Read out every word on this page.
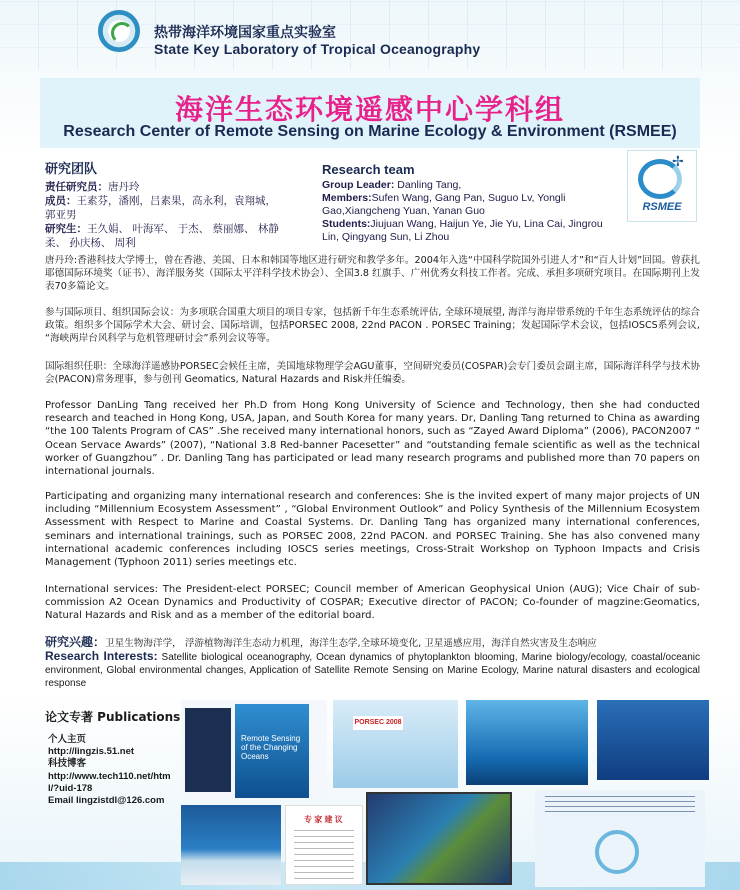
热带海洋环境国家重点实验室
State Key Laboratory of Tropical Oceanography
海洋生态环境遥感中心学科组
Research Center of Remote Sensing on Marine Ecology & Environment (RSMEE)
研究团队
责任研究员：唐丹玲
成员：王素芬，潘刚，吕素果，高永利，袁翔城，郭亚男
研究生：王久娟、 叶海军、 于杰、 蔡丽娜、 林静柔、 孙庆杨、 周利
Research team
Group Leader: Danling Tang,
Members:Sufen Wang, Gang Pan, Suguo Lv, Yongli Gao,Xiangcheng Yuan, Yanan Guo
Students:Jiujuan Wang, Haijun Ye, Jie Yu, Lina Cai, Jingrou Lin, Qingyang Sun, Li Zhou
✢
RSMEE
唐丹玲:香港科技大学博士，曾在香港、美国、日本和韩国等地区进行研究和教学多年。2004年入选“中国科学院国外引进人才”和“百人计划”回国。曾获扎耶德国际环境奖（证书）、海洋服务奖（国际太平洋科学技术协会）、全国3.8 红旗手、广州优秀女科技工作者。完成、承担多项研究项目。在国际期刊上发表70多篇论文。
参与国际项目、组织国际会议：为多项联合国重大项目的项目专家，包括新千年生态系统评估, 全球环境展望, 海洋与海岸带系统的千年生态系统评估的综合政策。组织多个国际学术大会、研讨会、国际培训，包括PORSEC 2008, 22nd PACON . PORSEC Training；发起国际学术会议，包括IOSCS系列会议, “海峡两岸台风科学与危机管理研讨会”系列会议等等。
国际组织任职：全球海洋遥感协PORSEC会候任主席，美国地球物理学会AGU董事，空间研究委员(COSPAR)会专门委员会副主席，国际海洋科学与技术协会(PACON)常务理事，参与创刊 Geomatics, Natural Hazards and Risk并任编委。
Professor DanLing Tang received her Ph.D from Hong Kong University of Science and Technology, then she had conducted research and teached in Hong Kong, USA, Japan, and South Korea for many years. Dr, Danling Tang returned to China as awarding “the 100 Talents Program of CAS” .She received many international honors, such as “Zayed Award Diploma” (2006), PACON2007 “ Ocean Servace Awards” (2007), “National 3.8 Red-banner Pacesetter” and “outstanding female scientific as well as the technical worker of Guangzhou” . Dr. Danling Tang has participated or lead many research programs and published more than 70 papers on international journals.
Participating and organizing many international research and conferences: She is the invited expert of many major projects of UN including “Millennium Ecosystem Assessment” , “Global Environment Outlook” and Policy Synthesis of the Millennium Ecosystem Assessment with Respect to Marine and Coastal Systems. Dr. Danling Tang has organized many international conferences, seminars and international trainings, such as PORSEC 2008, 22nd PACON. and PORSEC Training. She has also convened many international academic conferences including IOSCS series meetings, Cross-Strait Workshop on Typhoon Impacts and Crisis Management (Typhoon 2011) series meetings etc.
International services: The President-elect PORSEC; Council member of American Geophysical Union (AUG); Vice Chair of sub-commission A2 Ocean Dynamics and Productivity of COSPAR; Executive director of PACON; Co-founder of magzine:Geomatics, Natural Hazards and Risk and as a member of the editorial board.
研究兴趣：卫星生物海洋学， 浮游植物海洋生态动力机理，海洋生态学,全球环境变化, 卫星遥感应用，海洋自然灾害及生态响应
Research Interests: Satellite biological oceanography, Ocean dynamics of phytoplankton blooming, Marine biology/ecology, coastal/oceanic environment, Global environmental changes, Application of Satellite Remote Sensing on Marine Ecology, Marine natural disasters and ecological response
论文专著 Publications
个人主页
http://lingzis.51.net
科技博客
http://www.tech110.net/html/?uid-178
Email lingzistdl@126.com
Remote Sensing of the Changing Oceans
PORSEC 2008
专 家 建 议
